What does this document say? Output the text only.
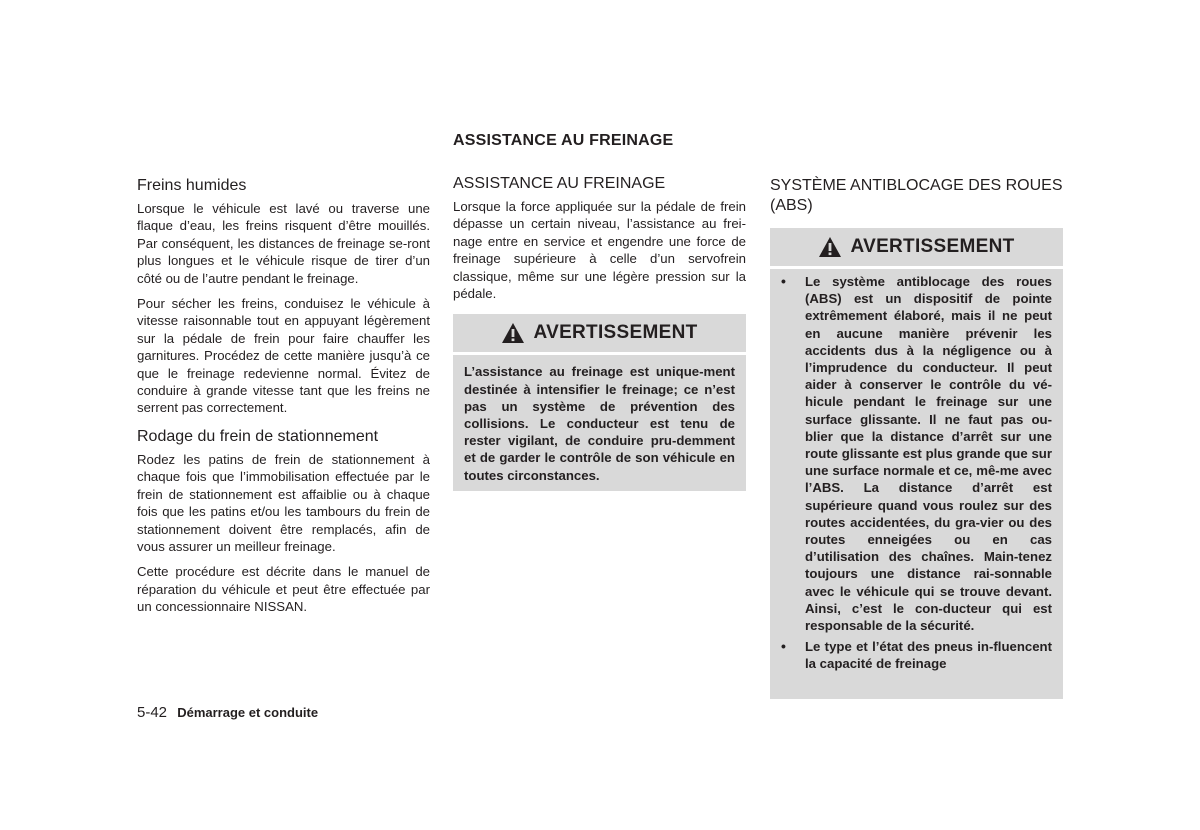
ASSISTANCE AU FREINAGE
Freins humides

Lorsque le véhicule est lavé ou traverse une flaque d’eau, les freins risquent d’être mouillés. Par conséquent, les distances de freinage se-ront plus longues et le véhicule risque de tirer d’un côté ou de l’autre pendant le freinage.

Pour sécher les freins, conduisez le véhicule à vitesse raisonnable tout en appuyant légèrement sur la pédale de frein pour faire chauffer les garnitures. Procédez de cette manière jusqu’à ce que le freinage redevienne normal. Évitez de conduire à grande vitesse tant que les freins ne serrent pas correctement.

Rodage du frein de stationnement

Rodez les patins de frein de stationnement à chaque fois que l’immobilisation effectuée par le frein de stationnement est affaiblie ou à chaque fois que les patins et/ou les tambours du frein de stationnement doivent être remplacés, afin de vous assurer un meilleur freinage.

Cette procédure est décrite dans le manuel de réparation du véhicule et peut être effectuée par un concessionnaire NISSAN.

ASSISTANCE AU FREINAGE

Lorsque la force appliquée sur la pédale de frein dépasse un certain niveau, l’assistance au frei-nage entre en service et engendre une force de freinage supérieure à celle d’un servofrein classique, même sur une légère pression sur la pédale.

AVERTISSEMENT
L’assistance au freinage est unique-ment destinée à intensifier le freinage; ce n’est pas un système de prévention des collisions. Le conducteur est tenu de rester vigilant, de conduire pru-demment et de garder le contrôle de son véhicule en toutes circonstances.
SYSTÈME ANTIBLOCAGE DES ROUES (ABS)
AVERTISSEMENT
• Le système antiblocage des roues (ABS) est un dispositif de pointe extrêmement élaboré, mais il ne peut en aucune manière prévenir les accidents dus à la négligence ou à l’imprudence du conducteur. Il peut aider à conserver le contrôle du vé-hicule pendant le freinage sur une surface glissante. Il ne faut pas ou-blier que la distance d’arrêt sur une route glissante est plus grande que sur une surface normale et ce, mê-me avec l’ABS. La distance d’arrêt est supérieure quand vous roulez sur des routes accidentées, du gra-vier ou des routes enneigées ou en cas d’utilisation des chaînes. Main-tenez toujours une distance rai-sonnable avec le véhicule qui se trouve devant. Ainsi, c’est le con-ducteur qui est responsable de la sécurité.
• Le type et l’état des pneus in-fluencent la capacité de freinage
5-42 Démarrage et conduite
